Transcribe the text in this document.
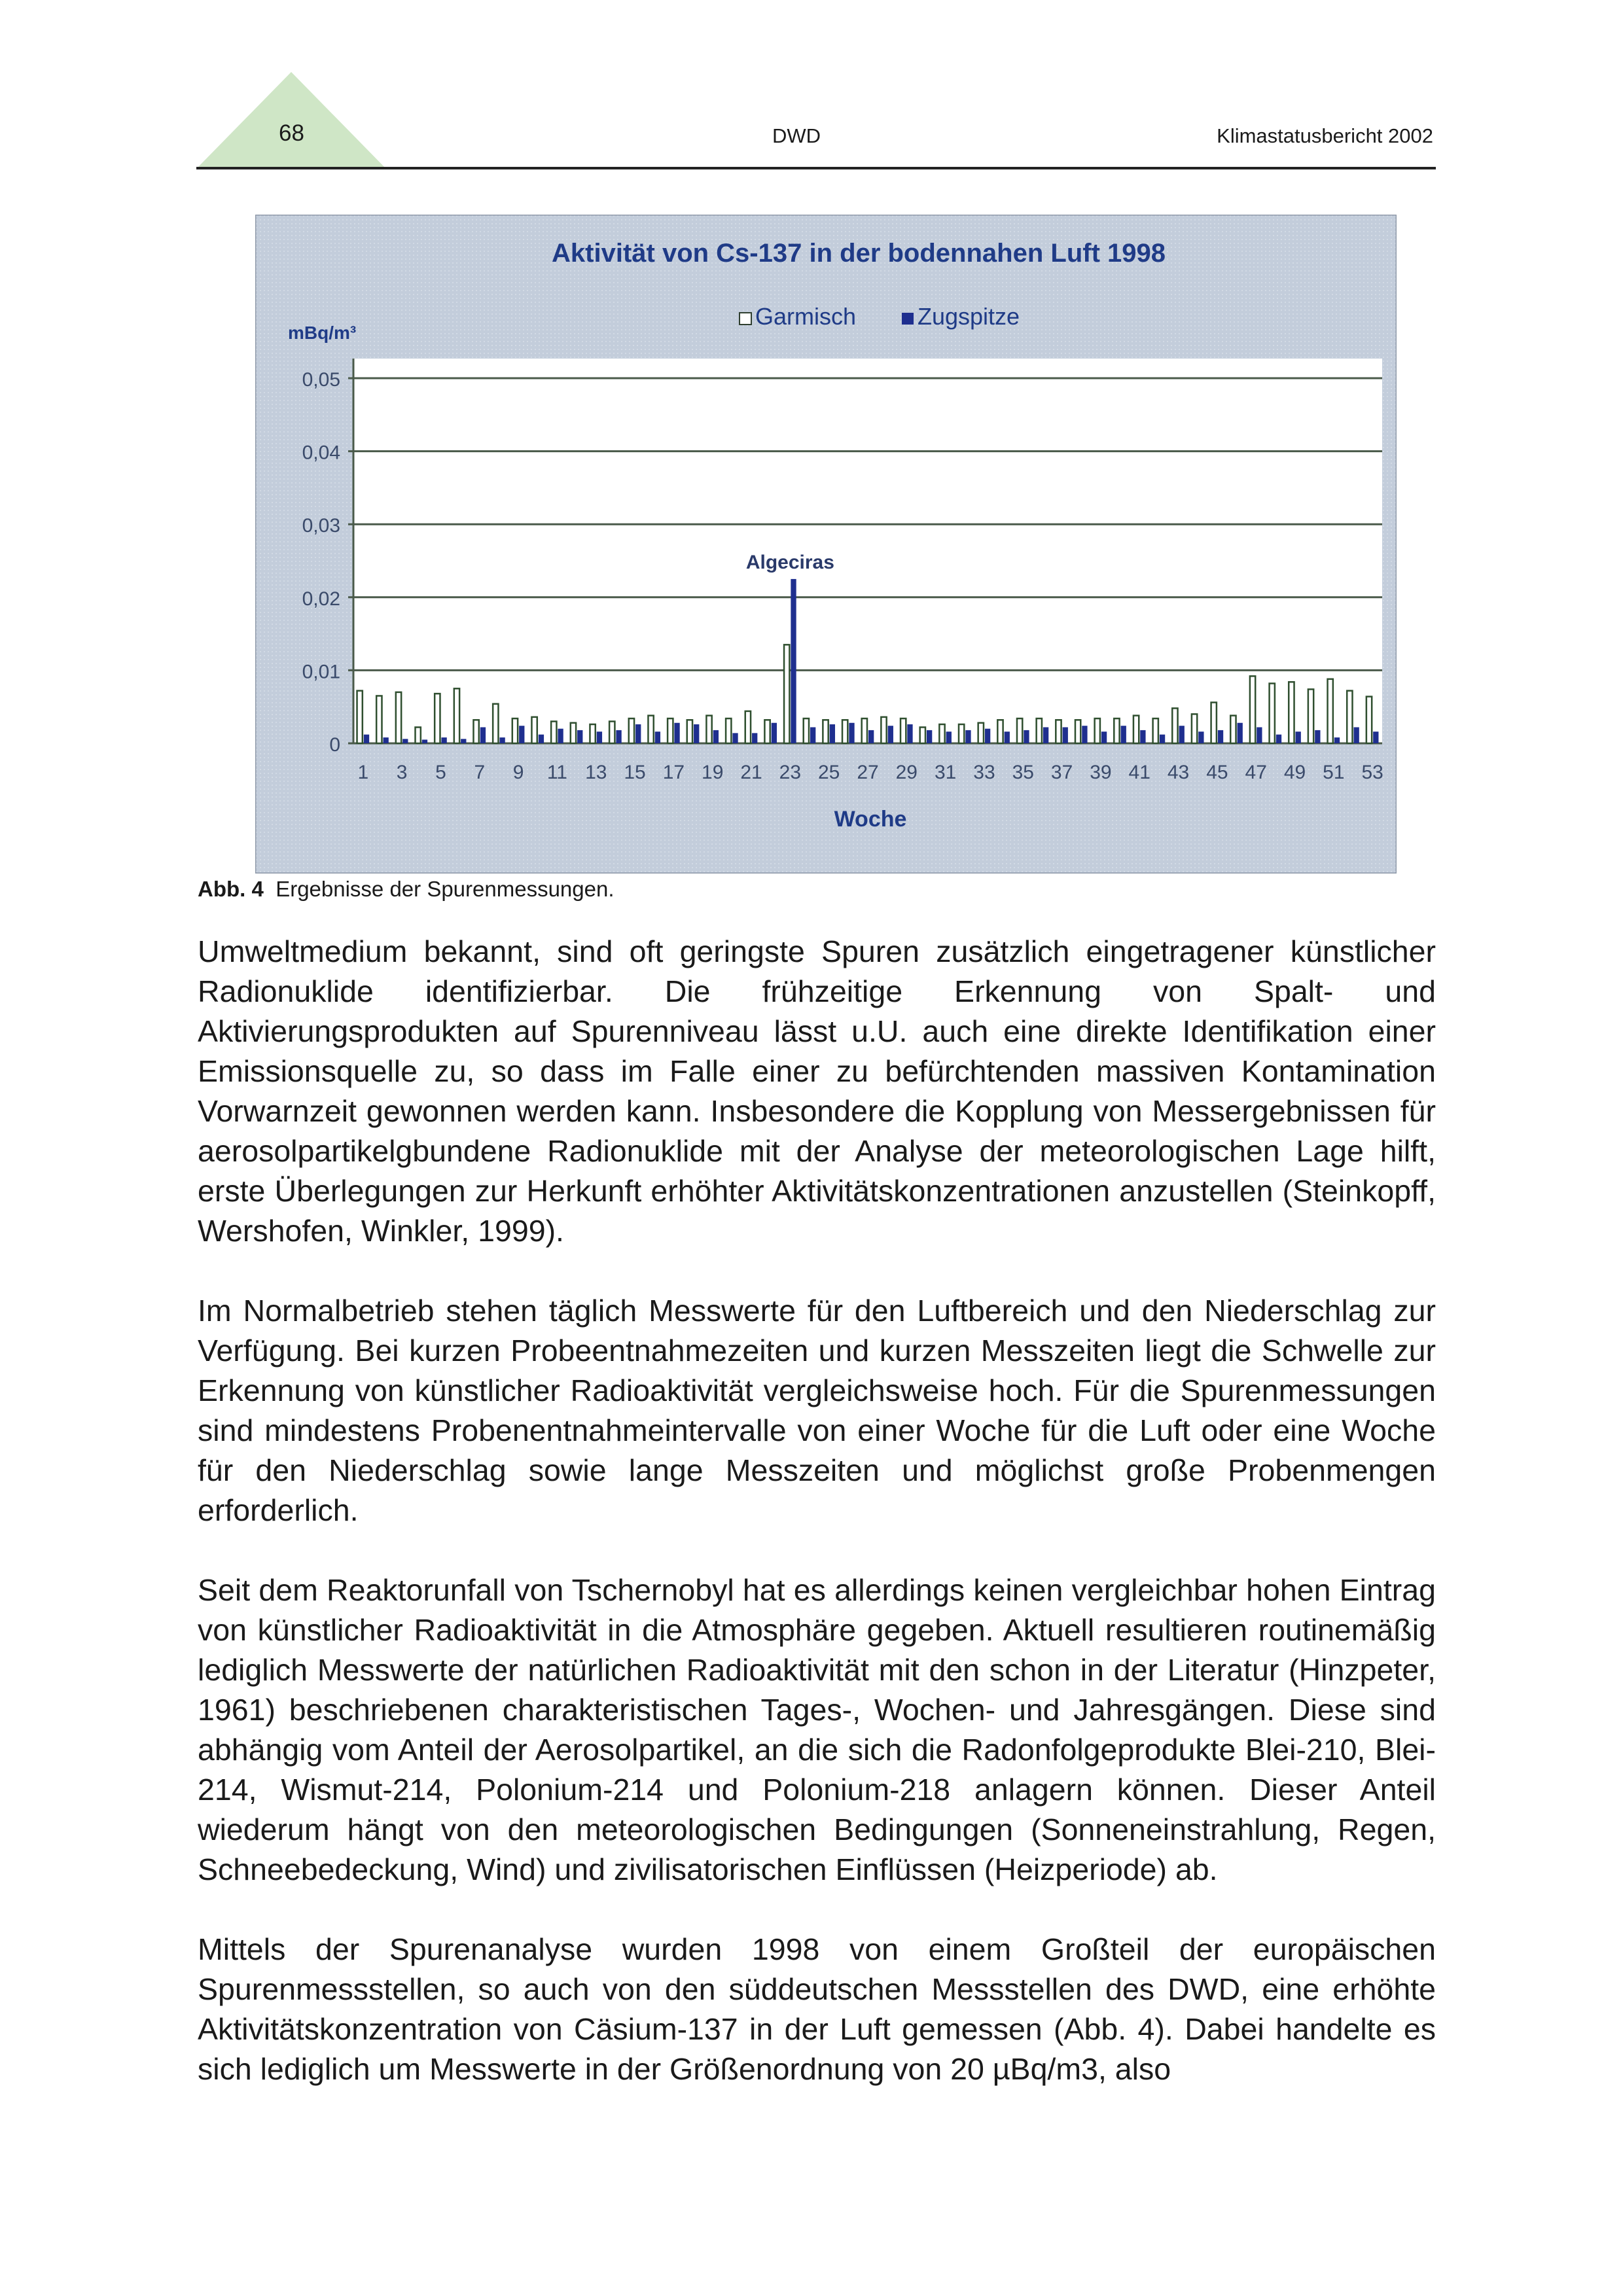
68	DWD	Klimastatusbericht 2002
Aktivität von Cs-137 in der bodennahen Luft 1998
Garmisch	Zugspitze
mBq/m³
Woche
0
0,01
0,02
0,03
0,04
0,05
1 3 5 7 9 11 13 15 17 19 21 23 25 27 29 31 33 35 37 39 41 43 45 47 49 51 53
Algeciras
Abb. 4 Ergebnisse der Spurenmessungen.

Umweltmedium bekannt, sind oft geringste Spuren zusätzlich eingetragener künstlicher Radionuklide identifizierbar. Die frühzeitige Erkennung von Spalt- und Aktivierungsprodukten auf Spurenniveau lässt u.U. auch eine direkte Identifikation einer Emissionsquelle zu, so dass im Falle einer zu befürchtenden massiven Kontamination Vorwarnzeit gewonnen werden kann. Insbesondere die Kopplung von Messergebnissen für aerosolpartikelgbundene Radionuklide mit der Analyse der meteorologischen Lage hilft, erste Überlegungen zur Herkunft erhöhter Aktivitätskonzentrationen anzustellen (Steinkopff, Wershofen, Winkler, 1999).

Im Normalbetrieb stehen täglich Messwerte für den Luftbereich und den Niederschlag zur Verfügung. Bei kurzen Probeentnahmezeiten und kurzen Messzeiten liegt die Schwelle zur Erkennung von künstlicher Radioaktivität vergleichsweise hoch. Für die Spurenmessungen sind mindestens Probenentnahmeintervalle von einer Woche für die Luft oder eine Woche für den Niederschlag sowie lange Messzeiten und möglichst große Probenmengen erforderlich.

Seit dem Reaktorunfall von Tschernobyl hat es allerdings keinen vergleichbar hohen Eintrag von künstlicher Radioaktivität in die Atmosphäre gegeben. Aktuell resultieren routinemäßig lediglich Messwerte der natürlichen Radioaktivität mit den schon in der Literatur (Hinzpeter, 1961) beschriebenen charakteristischen Tages-, Wochen- und Jahresgängen. Diese sind abhängig vom Anteil der Aerosolpartikel, an die sich die Radonfolgeprodukte Blei-210, Blei-214, Wismut-214, Polonium-214 und Polonium-218 anlagern können. Dieser Anteil wiederum hängt von den meteorologischen Bedingungen (Sonneneinstrahlung, Regen, Schneebedeckung, Wind) und zivilisatorischen Einflüssen (Heizperiode) ab.

Mittels der Spurenanalyse wurden 1998 von einem Großteil der europäischen Spurenmessstellen, so auch von den süddeutschen Messstellen des DWD, eine erhöhte Aktivitätskonzentration von Cäsium-137 in der Luft gemessen (Abb. 4). Dabei handelte es sich lediglich um Messwerte in der Größenordnung von 20 µBq/m3, also
